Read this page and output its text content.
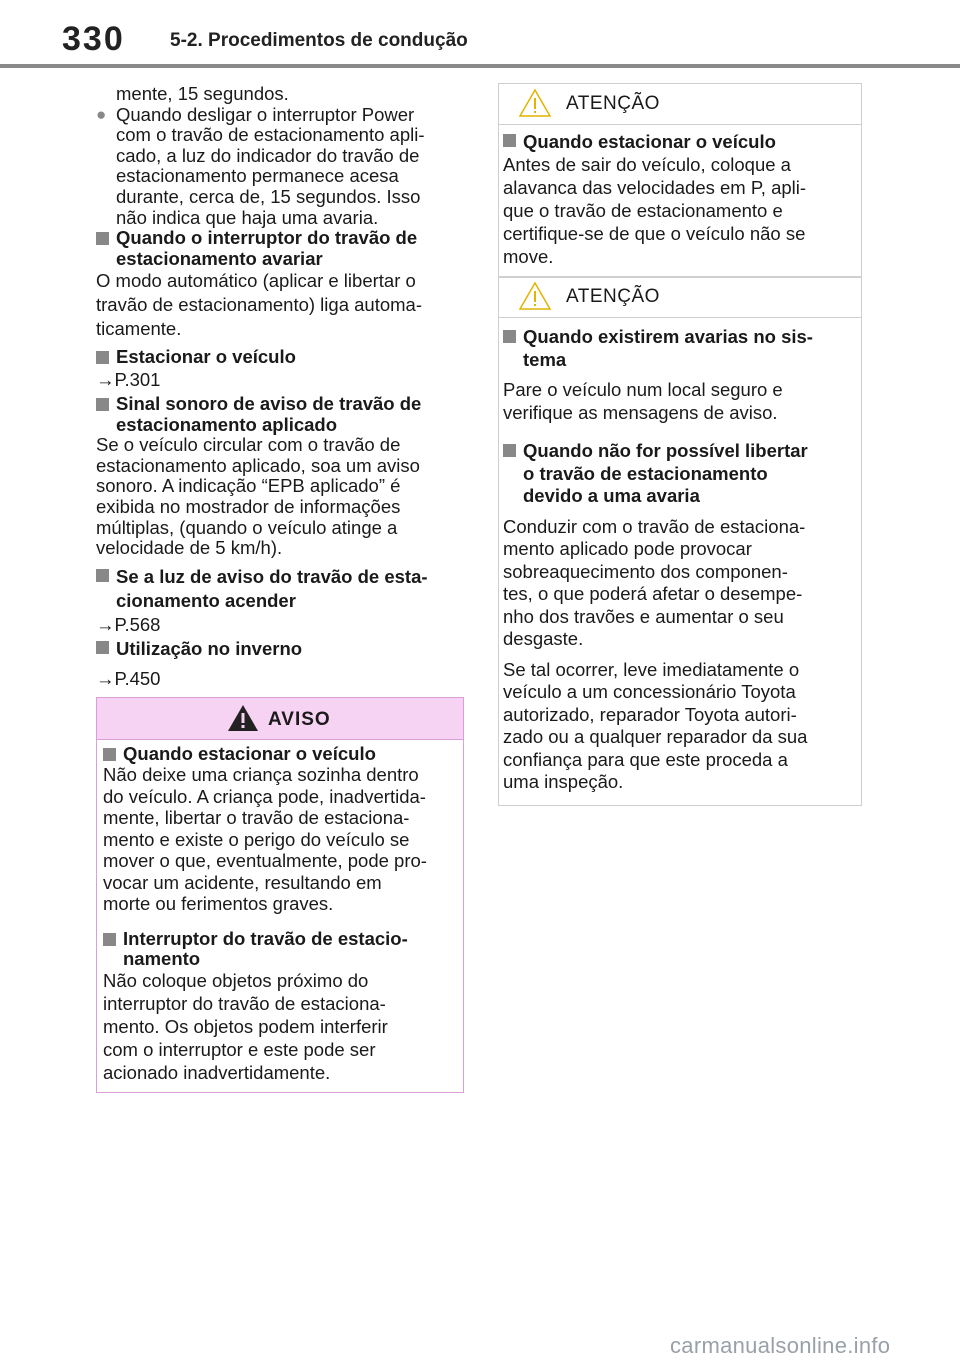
330 5-2. Procedimentos de condução
mente, 15 segundos.
● Quando desligar o interruptor Power
com o travão de estacionamento apli-
cado, a luz do indicador do travão de
estacionamento permanece acesa
durante, cerca de, 15 segundos. Isso
não indica que haja uma avaria.
Quando o interruptor do travão de
estacionamento avariar
O modo automático (aplicar e libertar o
travão de estacionamento) liga automa-
ticamente.
Estacionar o veículo
→P.301
Sinal sonoro de aviso de travão de
estacionamento aplicado
Se o veículo circular com o travão de
estacionamento aplicado, soa um aviso
sonoro. A indicação “EPB aplicado” é
exibida no mostrador de informações
múltiplas, (quando o veículo atinge a
velocidade de 5 km/h).
Se a luz de aviso do travão de esta-
cionamento acender
→P.568
Utilização no inverno
→P.450
AVISO
Quando estacionar o veículo
Não deixe uma criança sozinha dentro
do veículo. A criança pode, inadvertida-
mente, libertar o travão de estaciona-
mento e existe o perigo do veículo se
mover o que, eventualmente, pode pro-
vocar um acidente, resultando em
morte ou ferimentos graves.
Interruptor do travão de estacio-
namento
Não coloque objetos próximo do
interruptor do travão de estaciona-
mento. Os objetos podem interferir
com o interruptor e este pode ser
acionado inadvertidamente.
ATENÇÃO
Quando estacionar o veículo
Antes de sair do veículo, coloque a
alavanca das velocidades em P, apli-
que o travão de estacionamento e
certifique-se de que o veículo não se
move.
ATENÇÃO
Quando existirem avarias no sis-
tema
Pare o veículo num local seguro e
verifique as mensagens de aviso.
Quando não for possível libertar
o travão de estacionamento
devido a uma avaria
Conduzir com o travão de estaciona-
mento aplicado pode provocar
sobreaquecimento dos componen-
tes, o que poderá afetar o desempe-
nho dos travões e aumentar o seu
desgaste.
Se tal ocorrer, leve imediatamente o
veículo a um concessionário Toyota
autorizado, reparador Toyota autori-
zado ou a qualquer reparador da sua
confiança para que este proceda a
uma inspeção.
carmanualsonline.info
